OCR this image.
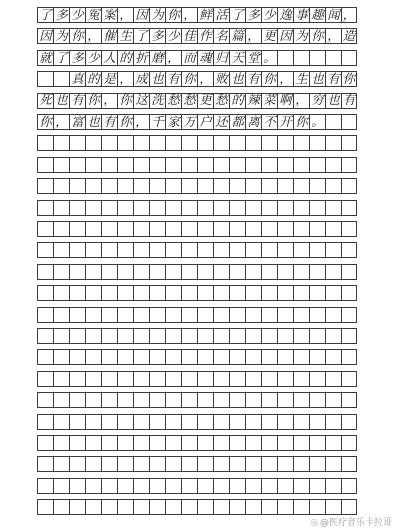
了 多 少 冤 案 ， 因 为 你 ， 鲜 活 了 多 少 逸 事 趣 闻 ，
因 为 你 ， 催 生 了 多 少 佳 作 名 篇 ， 更 因 为 你 ， 造
就 了 多 少 人 的 折 磨 ， 而 魂 归 天 堂 。
真 的 是 ， 成 也 有 你 ， 败 也 有 你 ， 生 也 有 你
死 也 有 你 ， 你 这 洗 愁 愁 更 愁 的 辣 菜 啊 ， 穷 也 有
你 ， 富 也 有 你 ， 千 家 万 户 还 都 离 不 开 你 。
◎ @医疗音乐卡拉哥
